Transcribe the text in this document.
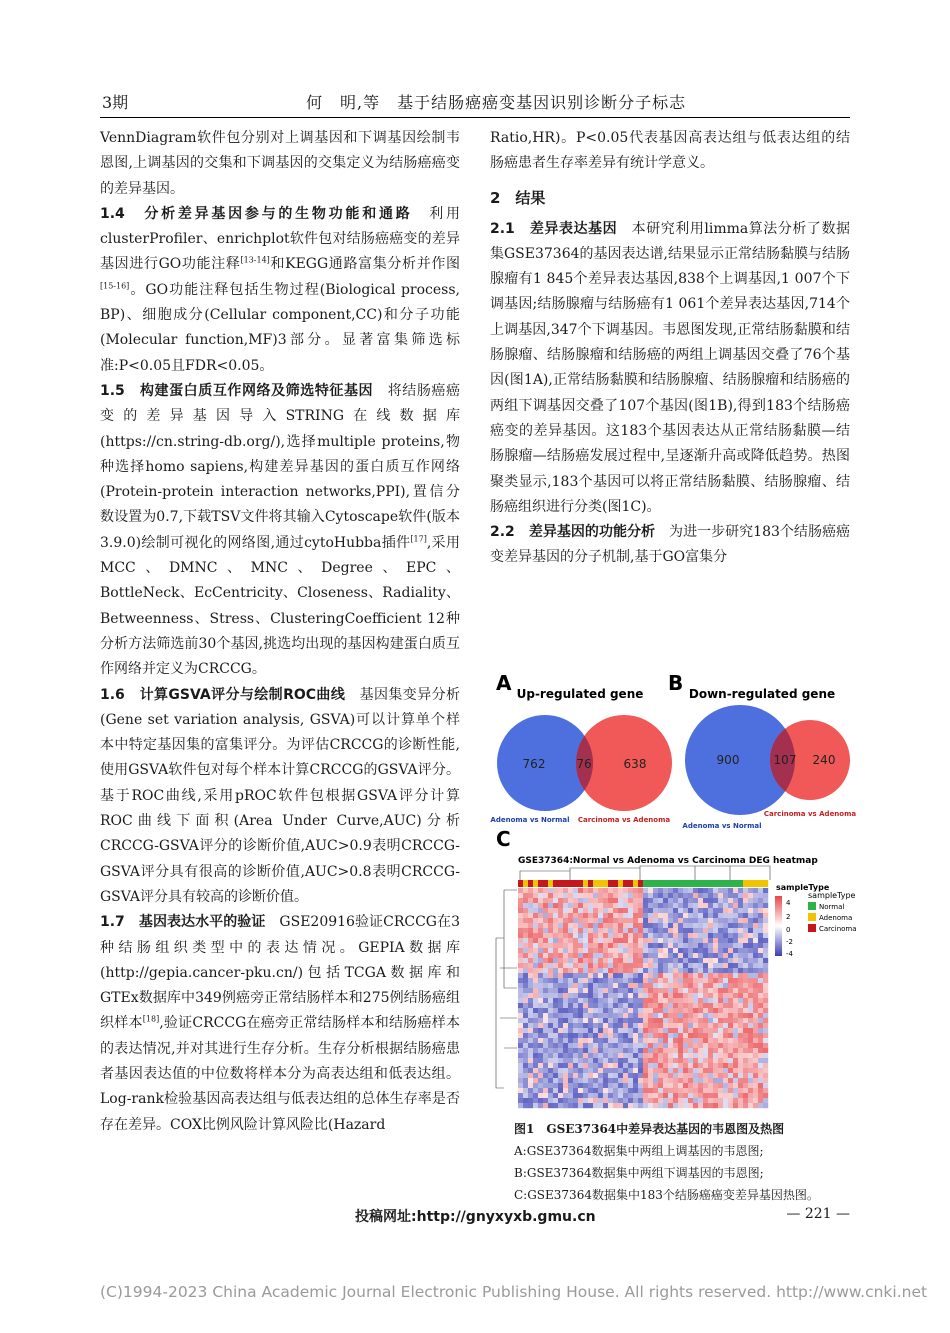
3期	何　明,等　基于结肠癌癌变基因识别诊断分子标志

VennDiagram软件包分别对上调基因和下调基因绘制韦恩图,上调基因的交集和下调基因的交集定义为结肠癌癌变的差异基因。

1.4　分析差异基因参与的生物功能和通路　利用clusterProfiler、enrichplot软件包对结肠癌癌变的差异基因进行GO功能注释[13-14]和KEGG通路富集分析并作图[15-16]。GO功能注释包括生物过程(Biological process, BP)、细胞成分(Cellular component,CC)和分子功能(Molecular function,MF)3部分。显著富集筛选标准:P<0.05且FDR<0.05。

1.5　构建蛋白质互作网络及筛选特征基因　将结肠癌癌变的差异基因导入STRING在线数据库(https://cn.string-db.org/),选择multiple proteins,物种选择homo sapiens,构建差异基因的蛋白质互作网络(Protein-protein interaction networks,PPI),置信分数设置为0.7,下载TSV文件将其输入Cytoscape软件(版本3.9.0)绘制可视化的网络图,通过cytoHubba插件[17],采用MCC、DMNC、MNC、Degree、EPC、BottleNeck、EcCentricity、Closeness、Radiality、Betweenness、Stress、ClusteringCoefficient 12种分析方法筛选前30个基因,挑选均出现的基因构建蛋白质互作网络并定义为CRCCG。

1.6　计算GSVA评分与绘制ROC曲线　基因集变异分析(Gene set variation analysis, GSVA)可以计算单个样本中特定基因集的富集评分。为评估CRCCG的诊断性能,使用GSVA软件包对每个样本计算CRCCG的GSVA评分。基于ROC曲线,采用pROC软件包根据GSVA评分计算ROC曲线下面积(Area Under Curve,AUC)分析CRCCG-GSVA评分的诊断价值,AUC>0.9表明CRCCG-GSVA评分具有很高的诊断价值,AUC>0.8表明CRCCG-GSVA评分具有较高的诊断价值。

1.7　基因表达水平的验证　GSE20916验证CRCCG在3种结肠组织类型中的表达情况。GEPIA数据库(http://gepia.cancer-pku.cn/)包括TCGA数据库和GTEx数据库中349例癌旁正常结肠样本和275例结肠癌组织样本[18],验证CRCCG在癌旁正常结肠样本和结肠癌样本的表达情况,并对其进行生存分析。生存分析根据结肠癌患者基因表达值的中位数将样本分为高表达组和低表达组。Log-rank检验基因高表达组与低表达组的总体生存率是否存在差异。COX比例风险计算风险比(Hazard

Ratio,HR)。P<0.05代表基因高表达组与低表达组的结肠癌患者生存率差异有统计学意义。

2　结果

2.1　差异表达基因　本研究利用limma算法分析了数据集GSE37364的基因表达谱,结果显示正常结肠黏膜与结肠腺瘤有1 845个差异表达基因,838个上调基因,1 007个下调基因;结肠腺瘤与结肠癌有1 061个差异表达基因,714个上调基因,347个下调基因。韦恩图发现,正常结肠黏膜和结肠腺瘤、结肠腺瘤和结肠癌的两组上调基因交叠了76个基因(图1A),正常结肠黏膜和结肠腺瘤、结肠腺瘤和结肠癌的两组下调基因交叠了107个基因(图1B),得到183个结肠癌癌变的差异基因。这183个基因表达从正常结肠黏膜—结肠腺瘤—结肠癌发展过程中,呈逐渐升高或降低趋势。热图聚类显示,183个基因可以将正常结肠黏膜、结肠腺瘤、结肠癌组织进行分类(图1C)。

2.2　差异基因的功能分析　为进一步研究183个结肠癌癌变差异基因的分子机制,基于GO富集分

A Up-regulated gene
762	76	638
Adenoma vs Normal Carcinoma vs Adenoma
B Down-regulated gene
900	107 240
Adenoma vs Normal
Carcinoma vs Adenoma
C
GSE37364:Normal vs Adenoma vs Carcinoma DEG heatmap
4
2
0
-2
-4
sampleType
sampleType
Normal
Adenoma
Carcinoma
图1　GSE37364中差异表达基因的韦恩图及热图
A:GSE37364数据集中两组上调基因的韦恩图;
B:GSE37364数据集中两组下调基因的韦恩图;
C:GSE37364数据集中183个结肠癌癌变差异基因热图。
投稿网址:http://gnyxyxb.gmu.cn	— 221 —
(C)1994-2023 China Academic Journal Electronic Publishing House. All rights reserved. http://www.cnki.net
